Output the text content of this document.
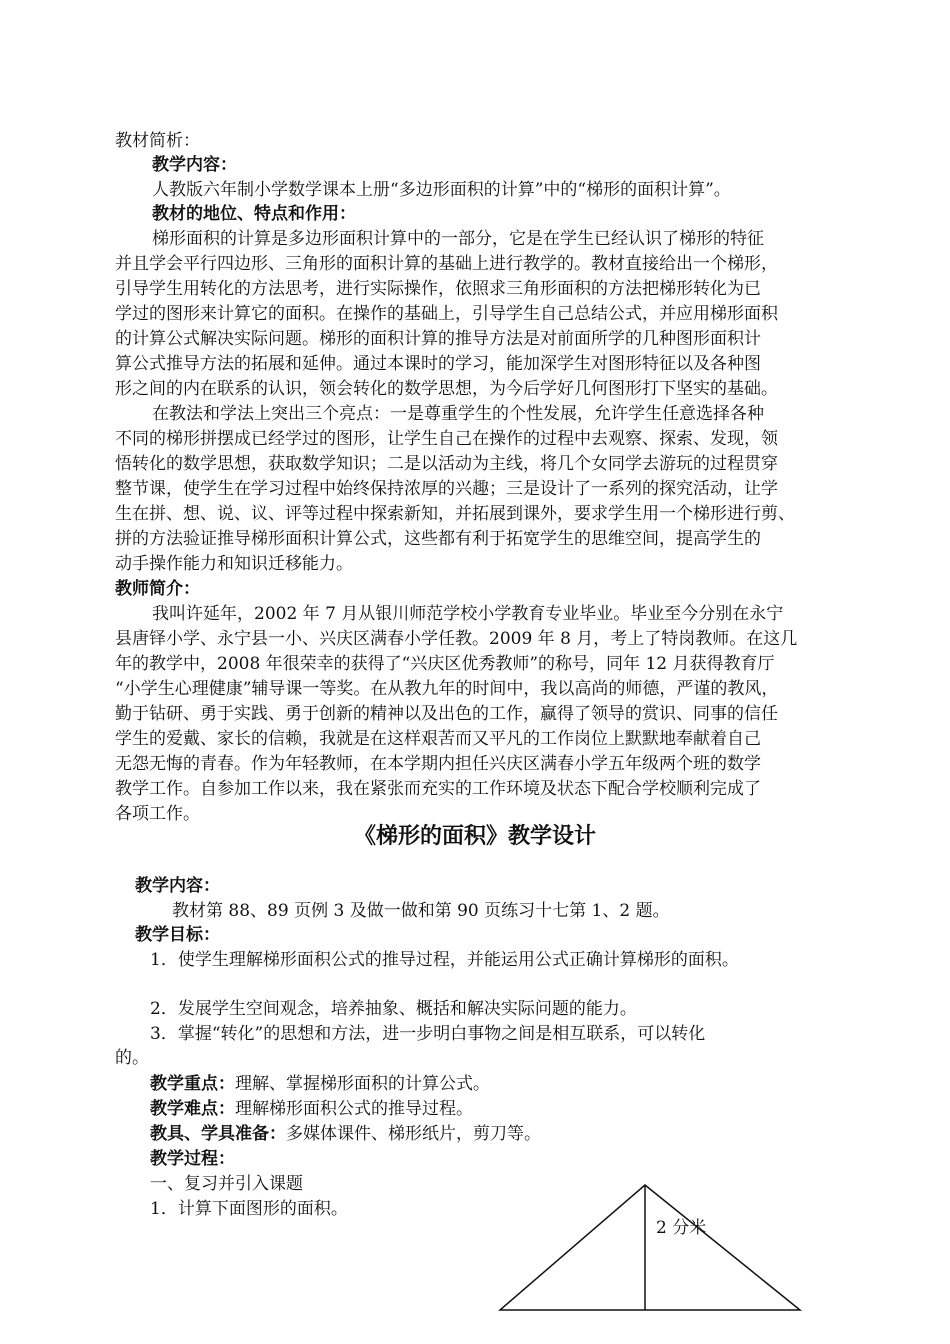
教材简析：
教学内容：
人教版六年制小学数学课本上册“多边形面积的计算”中的“梯形的面积计算”。
教材的地位、特点和作用：
梯形面积的计算是多边形面积计算中的一部分，它是在学生已经认识了梯形的特征
并且学会平行四边形、三角形的面积计算的基础上进行教学的。教材直接给出一个梯形，
引导学生用转化的方法思考，进行实际操作，依照求三角形面积的方法把梯形转化为已
学过的图形来计算它的面积。在操作的基础上，引导学生自己总结公式，并应用梯形面积
的计算公式解决实际问题。梯形的面积计算的推导方法是对前面所学的几种图形面积计
算公式推导方法的拓展和延伸。通过本课时的学习，能加深学生对图形特征以及各种图
形之间的内在联系的认识，领会转化的数学思想，为今后学好几何图形打下坚实的基础。
在教法和学法上突出三个亮点：一是尊重学生的个性发展，允许学生任意选择各种
不同的梯形拼摆成已经学过的图形，让学生自己在操作的过程中去观察、探索、发现，领
悟转化的数学思想，获取数学知识；二是以活动为主线，将几个女同学去游玩的过程贯穿
整节课，使学生在学习过程中始终保持浓厚的兴趣；三是设计了一系列的探究活动，让学
生在拼、想、说、议、评等过程中探索新知，并拓展到课外，要求学生用一个梯形进行剪、
拼的方法验证推导梯形面积计算公式，这些都有利于拓宽学生的思维空间，提高学生的
动手操作能力和知识迁移能力。
教师简介：
我叫许延年，2002 年 7 月从银川师范学校小学教育专业毕业。毕业至今分别在永宁
县唐铎小学、永宁县一小、兴庆区满春小学任教。2009 年 8 月，考上了特岗教师。在这几
年的教学中，2008 年很荣幸的获得了“兴庆区优秀教师”的称号，同年 12 月获得教育厅
“小学生心理健康”辅导课一等奖。在从教九年的时间中，我以高尚的师德，严谨的教风，
勤于钻研、勇于实践、勇于创新的精神以及出色的工作，赢得了领导的赏识、同事的信任
学生的爱戴、家长的信赖，我就是在这样艰苦而又平凡的工作岗位上默默地奉献着自己
无怨无悔的青春。作为年轻教师，在本学期内担任兴庆区满春小学五年级两个班的数学
教学工作。自参加工作以来，我在紧张而充实的工作环境及状态下配合学校顺利完成了
各项工作。
《梯形的面积》教学设计
教学内容：
教材第 88、89 页例 3 及做一做和第 90 页练习十七第 1、2 题。
教学目标：
1．使学生理解梯形面积公式的推导过程，并能运用公式正确计算梯形的面积。
2．发展学生空间观念，培养抽象、概括和解决实际问题的能力。
3．掌握“转化”的思想和方法，进一步明白事物之间是相互联系，可以转化
的。
教学重点：理解、掌握梯形面积的计算公式。
教学难点：理解梯形面积公式的推导过程。
教具、学具准备：多媒体课件、梯形纸片，剪刀等。
教学过程：
一、复习并引入课题
1．计算下面图形的面积。
2 分米
